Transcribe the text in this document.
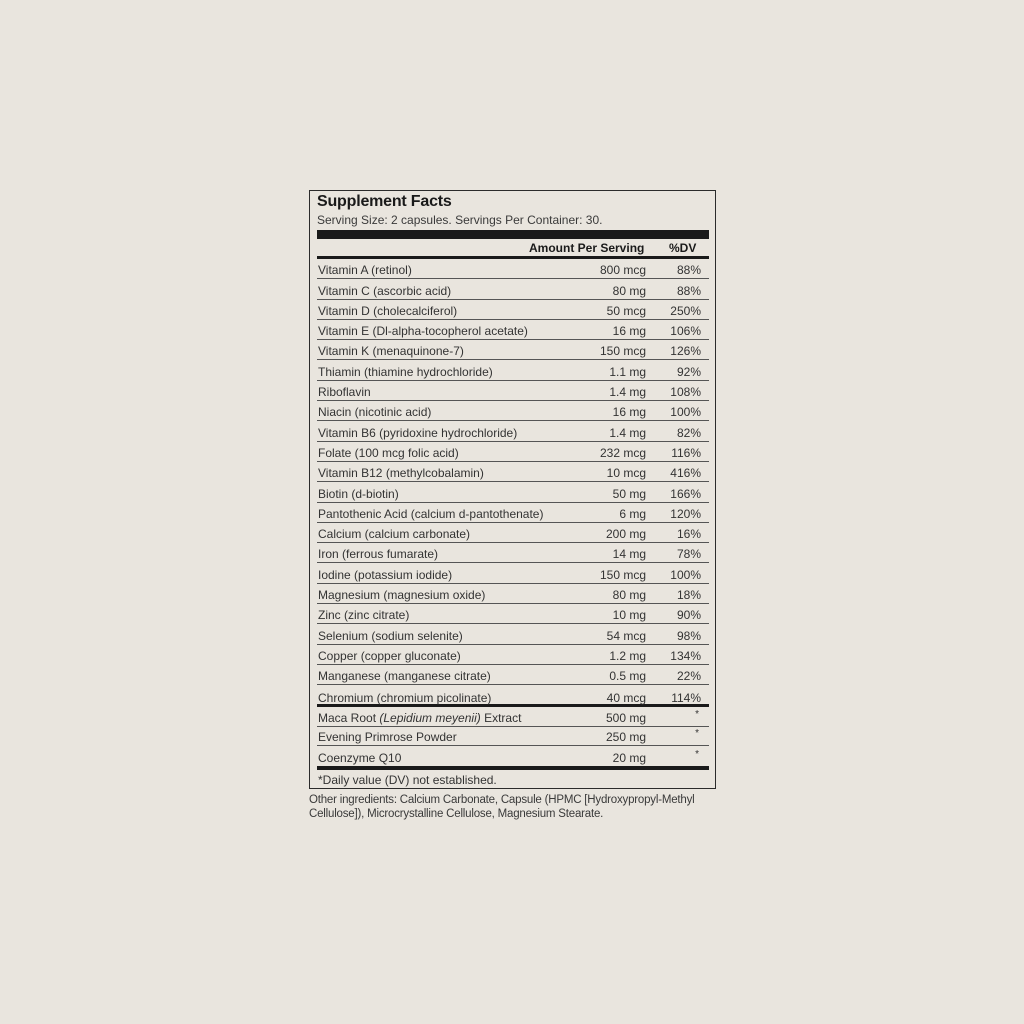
Supplement Facts
Serving Size: 2 capsules. Servings Per Container: 30.
Amount Per Serving %DV
*Daily value (DV) not established.
Vitamin A (retinol)	800 mcg	88%
Vitamin C (ascorbic acid)	80 mg	88%
Vitamin D (cholecalciferol)	50 mcg 250%
Vitamin E (Dl-alpha-tocopherol acetate)	16 mg 106%
Vitamin K (menaquinone-7)	150 mcg 126%
Thiamin (thiamine hydrochloride)	1.1 mg	92%
Riboflavin	1.4 mg 108%
Niacin (nicotinic acid)	16 mg 100%
Vitamin B6 (pyridoxine hydrochloride)	1.4 mg	82%
Folate (100 mcg folic acid)	232 mcg 116%
Vitamin B12 (methylcobalamin)	10 mcg 416%
Biotin (d-biotin)	50 mg 166%
Pantothenic Acid (calcium d-pantothenate)	6 mg 120%
Calcium (calcium carbonate)	200 mg	16%
Iron (ferrous fumarate)	14 mg	78%
Iodine (potassium iodide)	150 mcg 100%
Magnesium (magnesium oxide)	80 mg	18%
Zinc (zinc citrate)	10 mg	90%
Selenium (sodium selenite)	54 mcg	98%
Copper (copper gluconate)	1.2 mg 134%
Manganese (manganese citrate)	0.5 mg	22%
Chromium (chromium picolinate)	40 mcg 114%
Maca Root (Lepidium meyenii) Extract	500 mg	*
Evening Primrose Powder	250 mg	*
Coenzyme Q10	20 mg	*
Other ingredients: Calcium Carbonate, Capsule (HPMC [Hydroxypropyl-Methyl
Cellulose]), Microcrystalline Cellulose, Magnesium Stearate.
